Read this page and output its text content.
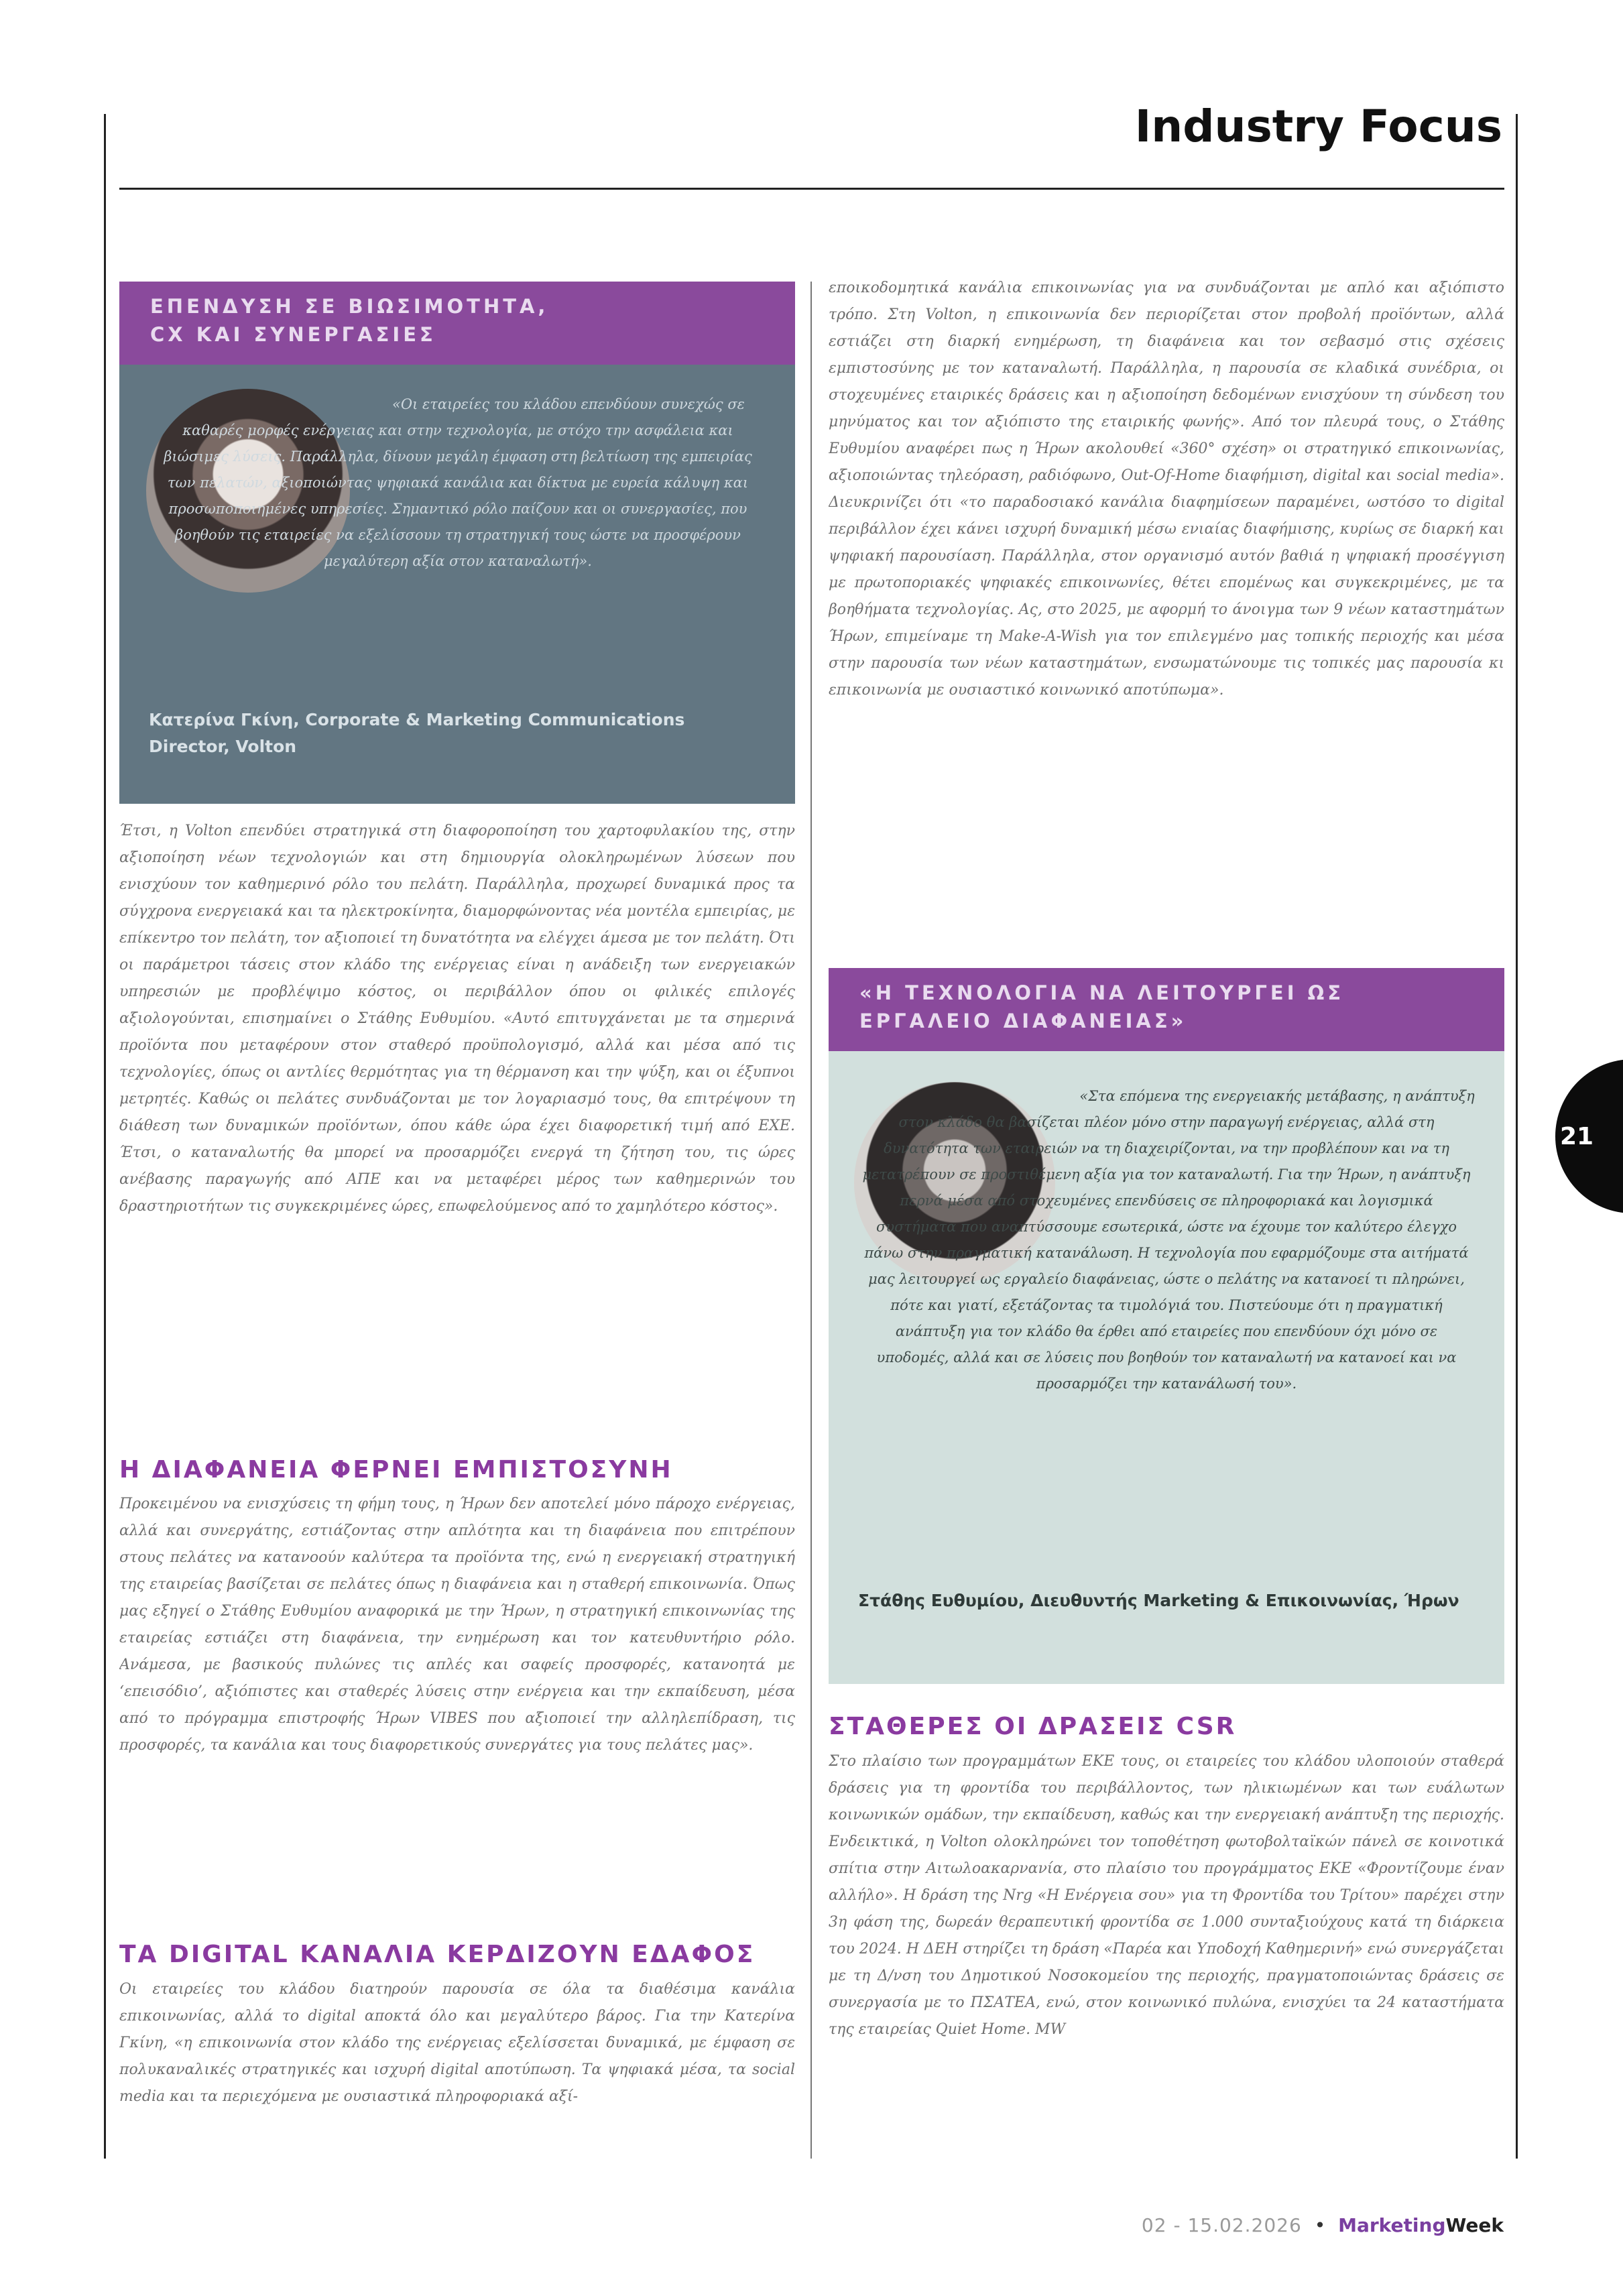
Industry Focus
21
ΕΠΕΝΔΥΣΗ ΣΕ ΒΙΩΣΙΜΟΤΗΤΑ,
CX ΚΑΙ ΣΥΝΕΡΓΑΣΙΕΣ
«Οι εταιρείες του κλάδου επενδύουν συνεχώς σε καθαρές μορφές ενέργειας και στην τεχνολογία, με στόχο την ασφάλεια και βιώσιμες λύσεις. Παράλληλα, δίνουν μεγάλη έμφαση στη βελτίωση της εμπειρίας των πελατών, αξιοποιώντας ψηφιακά κανάλια και δίκτυα με ευρεία κάλυψη και προσωποποιημένες υπηρεσίες. Σημαντικό ρόλο παίζουν και οι συνεργασίες, που βοηθούν τις εταιρείες να εξελίσσουν τη στρατηγική τους ώστε να προσφέρουν μεγαλύτερη αξία στον καταναλωτή».
Κατερίνα Γκίνη, Corporate & Marketing Communications Director, Volton
Έτσι, η Volton επενδύει στρατηγικά στη διαφοροποίηση του χαρτοφυλακίου της, στην αξιοποίηση νέων τεχνολογιών και στη δημιουργία ολοκληρωμένων λύσεων που ενισχύουν τον καθημερινό ρόλο του πελάτη. Παράλληλα, προχωρεί δυναμικά προς τα σύγχρονα ενεργειακά και τα ηλεκτροκίνητα, διαμορφώνοντας νέα μοντέλα εμπειρίας, με επίκεντρο τον πελάτη, τον αξιοποιεί τη δυνατότητα να ελέγχει άμεσα με τον πελάτη. Ότι οι παράμετροι τάσεις στον κλάδο της ενέργειας είναι η ανάδειξη των ενεργειακών υπηρεσιών με προβλέψιμο κόστος, οι περιβάλλον όπου οι φιλικές επιλογές αξιολογούνται, επισημαίνει ο Στάθης Ευθυμίου. «Αυτό επιτυγχάνεται με τα σημερινά προϊόντα που μεταφέρουν στον σταθερό προϋπολογισμό, αλλά και μέσα από τις τεχνολογίες, όπως οι αντλίες θερμότητας για τη θέρμανση και την ψύξη, και οι έξυπνοι μετρητές. Καθώς οι πελάτες συνδυάζονται με τον λογαριασμό τους, θα επιτρέψουν τη διάθεση των δυναμικών προϊόντων, όπου κάθε ώρα έχει διαφορετική τιμή από ΕΧΕ. Έτσι, ο καταναλωτής θα μπορεί να προσαρμόζει ενεργά τη ζήτηση του, τις ώρες ανέβασης παραγωγής από ΑΠΕ και να μεταφέρει μέρος των καθημερινών του δραστηριοτήτων τις συγκεκριμένες ώρες, επωφελούμενος από το χαμηλότερο κόστος».
Η ΔΙΑΦΑΝΕΙΑ ΦΕΡΝΕΙ ΕΜΠΙΣΤΟΣΥΝΗ
Προκειμένου να ενισχύσεις τη φήμη τους, η Ήρων δεν αποτελεί μόνο πάροχο ενέργειας, αλλά και συνεργάτης, εστιάζοντας στην απλότητα και τη διαφάνεια που επιτρέπουν στους πελάτες να κατανοούν καλύτερα τα προϊόντα της, ενώ η ενεργειακή στρατηγική της εταιρείας βασίζεται σε πελάτες όπως η διαφάνεια και η σταθερή επικοινωνία. Όπως μας εξηγεί ο Στάθης Ευθυμίου αναφορικά με την Ήρων, η στρατηγική επικοινωνίας της εταιρείας εστιάζει στη διαφάνεια, την ενημέρωση και τον κατευθυντήριο ρόλο. Ανάμεσα, με βασικούς πυλώνες τις απλές και σαφείς προσφορές, κατανοητά με ‘επεισόδιο’, αξιόπιστες και σταθερές λύσεις στην ενέργεια και την εκπαίδευση, μέσα από το πρόγραμμα επιστροφής Ήρων VIBES που αξιοποιεί την αλληλεπίδραση, τις προσφορές, τα κανάλια και τους διαφορετικούς συνεργάτες για τους πελάτες μας».
ΤΑ DIGITAL ΚΑΝΑΛΙΑ ΚΕΡΔΙΖΟΥΝ ΕΔΑΦΟΣ
Οι εταιρείες του κλάδου διατηρούν παρουσία σε όλα τα διαθέσιμα κανάλια επικοινωνίας, αλλά το digital αποκτά όλο και μεγαλύτερο βάρος. Για την Κατερίνα Γκίνη, «η επικοινωνία στον κλάδο της ενέργειας εξελίσσεται δυναμικά, με έμφαση σε πολυκαναλικές στρατηγικές και ισχυρή digital αποτύπωση. Τα ψηφιακά μέσα, τα social media και τα περιεχόμενα με ουσιαστικά πληροφοριακά αξί-
εποικοδομητικά κανάλια επικοινωνίας για να συνδυάζονται με απλό και αξιόπιστο τρόπο. Στη Volton, η επικοινωνία δεν περιορίζεται στον προβολή προϊόντων, αλλά εστιάζει στη διαρκή ενημέρωση, τη διαφάνεια και τον σεβασμό στις σχέσεις εμπιστοσύνης με τον καταναλωτή. Παράλληλα, η παρουσία σε κλαδικά συνέδρια, οι στοχευμένες εταιρικές δράσεις και η αξιοποίηση δεδομένων ενισχύουν τη σύνδεση του μηνύματος και τον αξιόπιστο της εταιρικής φωνής». Από τον πλευρά τους, ο Στάθης Ευθυμίου αναφέρει πως η Ήρων ακολουθεί «360° σχέση» οι στρατηγικό επικοινωνίας, αξιοποιώντας τηλεόραση, ραδιόφωνο, Out-Of-Home διαφήμιση, digital και social media». Διευκρινίζει ότι «το παραδοσιακό κανάλια διαφημίσεων παραμένει, ωστόσο το digital περιβάλλον έχει κάνει ισχυρή δυναμική μέσω ενιαίας διαφήμισης, κυρίως σε διαρκή και ψηφιακή παρουσίαση. Παράλληλα, στον οργανισμό αυτόν βαθιά η ψηφιακή προσέγγιση με πρωτοποριακές ψηφιακές επικοινωνίες, θέτει επομένως και συγκεκριμένες, με τα βοηθήματα τεχνολογίας. Ας, στο 2025, με αφορμή το άνοιγμα των 9 νέων καταστημάτων Ήρων, επιμείναμε τη Make-A-Wish για τον επιλεγμένο μας τοπικής περιοχής και μέσα στην παρουσία των νέων καταστημάτων, ενσωματώνουμε τις τοπικές μας παρουσία κι επικοινωνία με ουσιαστικό κοινωνικό αποτύπωμα».
«Η ΤΕΧΝΟΛΟΓΙΑ ΝΑ ΛΕΙΤΟΥΡΓΕΙ ΩΣ
ΕΡΓΑΛΕΙΟ ΔΙΑΦΑΝΕΙΑΣ»
«Στα επόμενα της ενεργειακής μετάβασης, η ανάπτυξη στον κλάδο θα βασίζεται πλέον μόνο στην παραγωγή ενέργειας, αλλά στη δυνατότητα των εταιρειών να τη διαχειρίζονται, να την προβλέπουν και να τη μετατρέπουν σε προστιθέμενη αξία για τον καταναλωτή. Για την Ήρων, η ανάπτυξη περνά μέσα από στοχευμένες επενδύσεις σε πληροφοριακά και λογισμικά συστήματα που αναπτύσσουμε εσωτερικά, ώστε να έχουμε τον καλύτερο έλεγχο πάνω στην πραγματική κατανάλωση. Η τεχνολογία που εφαρμόζουμε στα αιτήματά μας λειτουργεί ως εργαλείο διαφάνειας, ώστε ο πελάτης να κατανοεί τι πληρώνει, πότε και γιατί, εξετάζοντας τα τιμολόγιά του. Πιστεύουμε ότι η πραγματική ανάπτυξη για τον κλάδο θα έρθει από εταιρείες που επενδύουν όχι μόνο σε υποδομές, αλλά και σε λύσεις που βοηθούν τον καταναλωτή να κατανοεί και να προσαρμόζει την κατανάλωσή του».
Στάθης Ευθυμίου, Διευθυντής Marketing & Επικοινωνίας, Ήρων
ΣΤΑΘΕΡΕΣ ΟΙ ΔΡΑΣΕΙΣ CSR
Στο πλαίσιο των προγραμμάτων ΕΚΕ τους, οι εταιρείες του κλάδου υλοποιούν σταθερά δράσεις για τη φροντίδα του περιβάλλοντος, των ηλικιωμένων και των ευάλωτων κοινωνικών ομάδων, την εκπαίδευση, καθώς και την ενεργειακή ανάπτυξη της περιοχής. Ενδεικτικά, η Volton ολοκληρώνει τον τοποθέτηση φωτοβολταϊκών πάνελ σε κοινοτικά σπίτια στην Αιτωλοακαρνανία, στο πλαίσιο του προγράμματος ΕΚΕ «Φροντίζουμε έναν αλλήλο». Η δράση της Nrg «Η Ενέργεια σου» για τη Φροντίδα του Τρίτου» παρέχει στην 3η φάση της, δωρεάν θεραπευτική φροντίδα σε 1.000 συνταξιούχους κατά τη διάρκεια του 2024. Η ΔΕΗ στηρίζει τη δράση «Παρέα και Υποδοχή Καθημερινή» ενώ συνεργάζεται με τη Δ/νση του Δημοτικού Νοσοκομείου της περιοχής, πραγματοποιώντας δράσεις σε συνεργασία με το ΠΣΑΤΕΑ, ενώ, στον κοινωνικό πυλώνα, ενισχύει τα 24 καταστήματα της εταιρείας Quiet Home. MW
02 - 15.02.2026 • MarketingWeek
